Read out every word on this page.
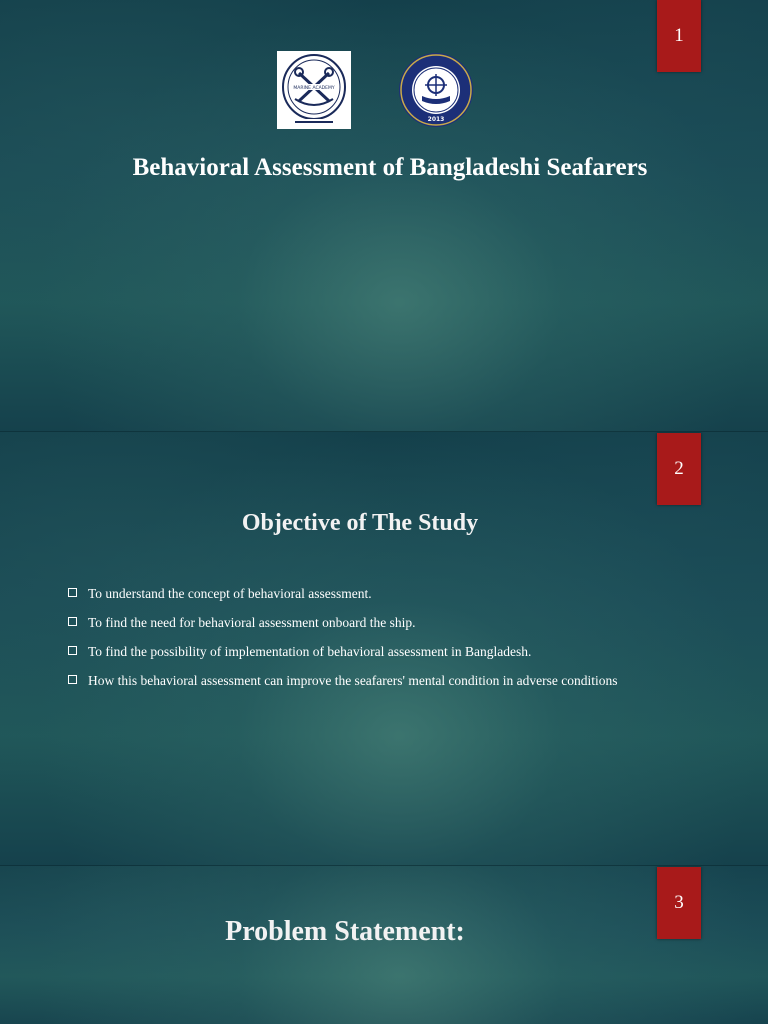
1
MARINE ACADEMY
2013
Behavioral Assessment of Bangladeshi Seafarers
2
Objective of The Study
To understand the concept of behavioral assessment.
To find the need for behavioral assessment onboard the ship.
To find the possibility of implementation of behavioral assessment in Bangladesh.
How this behavioral assessment can improve the seafarers' mental condition in adverse conditions
3
Problem Statement:
